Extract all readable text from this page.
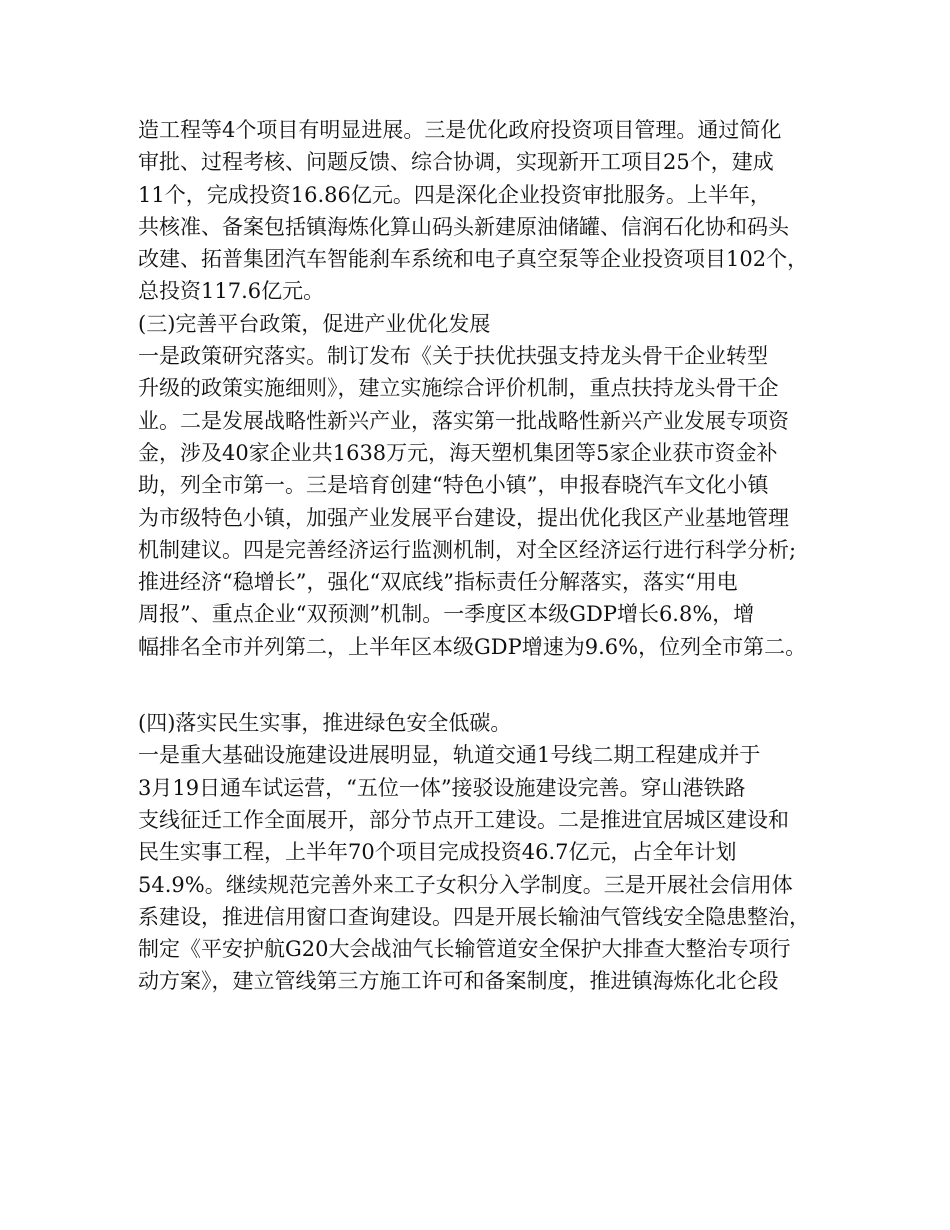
造工程等4个项目有明显进展。三是优化政府投资项目管理。通过简化
审批、过程考核、问题反馈、综合协调，实现新开工项目25个，建成
11个，完成投资16.86亿元。四是深化企业投资审批服务。上半年，
共核准、备案包括镇海炼化算山码头新建原油储罐、信润石化协和码头
改建、拓普集团汽车智能刹车系统和电子真空泵等企业投资项目102个，
总投资117.6亿元。
(三)完善平台政策，促进产业优化发展
一是政策研究落实。制订发布《关于扶优扶强支持龙头骨干企业转型
升级的政策实施细则》，建立实施综合评价机制，重点扶持龙头骨干企
业。二是发展战略性新兴产业，落实第一批战略性新兴产业发展专项资
金，涉及40家企业共1638万元，海天塑机集团等5家企业获市资金补
助，列全市第一。三是培育创建“特色小镇”，申报春晓汽车文化小镇
为市级特色小镇，加强产业发展平台建设，提出优化我区产业基地管理
机制建议。四是完善经济运行监测机制，对全区经济运行进行科学分析;
推进经济“稳增长”，强化“双底线”指标责任分解落实，落实“用电
周报”、重点企业“双预测”机制。一季度区本级GDP增长6.8%，增
幅排名全市并列第二，上半年区本级GDP增速为9.6%，位列全市第二。
(四)落实民生实事，推进绿色安全低碳。
一是重大基础设施建设进展明显，轨道交通1号线二期工程建成并于
3月19日通车试运营，“五位一体”接驳设施建设完善。穿山港铁路
支线征迁工作全面展开，部分节点开工建设。二是推进宜居城区建设和
民生实事工程，上半年70个项目完成投资46.7亿元，占全年计划
54.9%。继续规范完善外来工子女积分入学制度。三是开展社会信用体
系建设，推进信用窗口查询建设。四是开展长输油气管线安全隐患整治，
制定《平安护航G20大会战油气长输管道安全保护大排查大整治专项行
动方案》，建立管线第三方施工许可和备案制度，推进镇海炼化北仑段
